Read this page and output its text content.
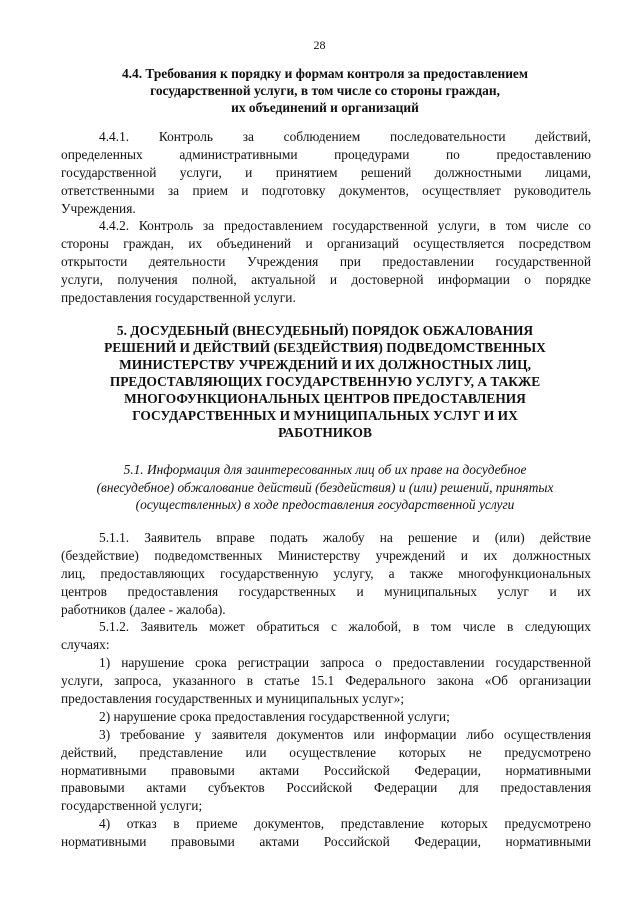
28
4.4. Требования к порядку и формам контроля за предоставлением
государственной услуги, в том числе со стороны граждан,
их объединений и организаций
4.4.1. Контроль за соблюдением последовательности действий,
определенных административными процедурами по предоставлению
государственной услуги, и принятием решений должностными лицами,
ответственными за прием и подготовку документов, осуществляет руководитель
Учреждения.
4.4.2. Контроль за предоставлением государственной услуги, в том числе со
стороны граждан, их объединений и организаций осуществляется посредством
открытости деятельности Учреждения при предоставлении государственной
услуги, получения полной, актуальной и достоверной информации о порядке
предоставления государственной услуги.
5. ДОСУДЕБНЫЙ (ВНЕСУДЕБНЫЙ) ПОРЯДОК ОБЖАЛОВАНИЯ
РЕШЕНИЙ И ДЕЙСТВИЙ (БЕЗДЕЙСТВИЯ) ПОДВЕДОМСТВЕННЫХ
МИНИСТЕРСТВУ УЧРЕЖДЕНИЙ И ИХ ДОЛЖНОСТНЫХ ЛИЦ,
ПРЕДОСТАВЛЯЮЩИХ ГОСУДАРСТВЕННУЮ УСЛУГУ, А ТАКЖЕ
МНОГОФУНКЦИОНАЛЬНЫХ ЦЕНТРОВ ПРЕДОСТАВЛЕНИЯ
ГОСУДАРСТВЕННЫХ И МУНИЦИПАЛЬНЫХ УСЛУГ И ИХ
РАБОТНИКОВ
5.1. Информация для заинтересованных лиц об их праве на досудебное
(внесудебное) обжалование действий (бездействия) и (или) решений, принятых
(осуществленных) в ходе предоставления государственной услуги
5.1.1. Заявитель вправе подать жалобу на решение и (или) действие
(бездействие) подведомственных Министерству учреждений и их должностных
лиц, предоставляющих государственную услугу, а также многофункциональных
центров предоставления государственных и муниципальных услуг и их
работников (далее - жалоба).
5.1.2. Заявитель может обратиться с жалобой, в том числе в следующих
случаях:
1) нарушение срока регистрации запроса о предоставлении государственной
услуги, запроса, указанного в статье 15.1 Федерального закона «Об организации
предоставления государственных и муниципальных услуг»;
2) нарушение срока предоставления государственной услуги;
3) требование у заявителя документов или информации либо осуществления
действий, представление или осуществление которых не предусмотрено
нормативными правовыми актами Российской Федерации, нормативными
правовыми актами субъектов Российской Федерации для предоставления
государственной услуги;
4) отказ в приеме документов, представление которых предусмотрено
нормативными правовыми актами Российской Федерации, нормативными
